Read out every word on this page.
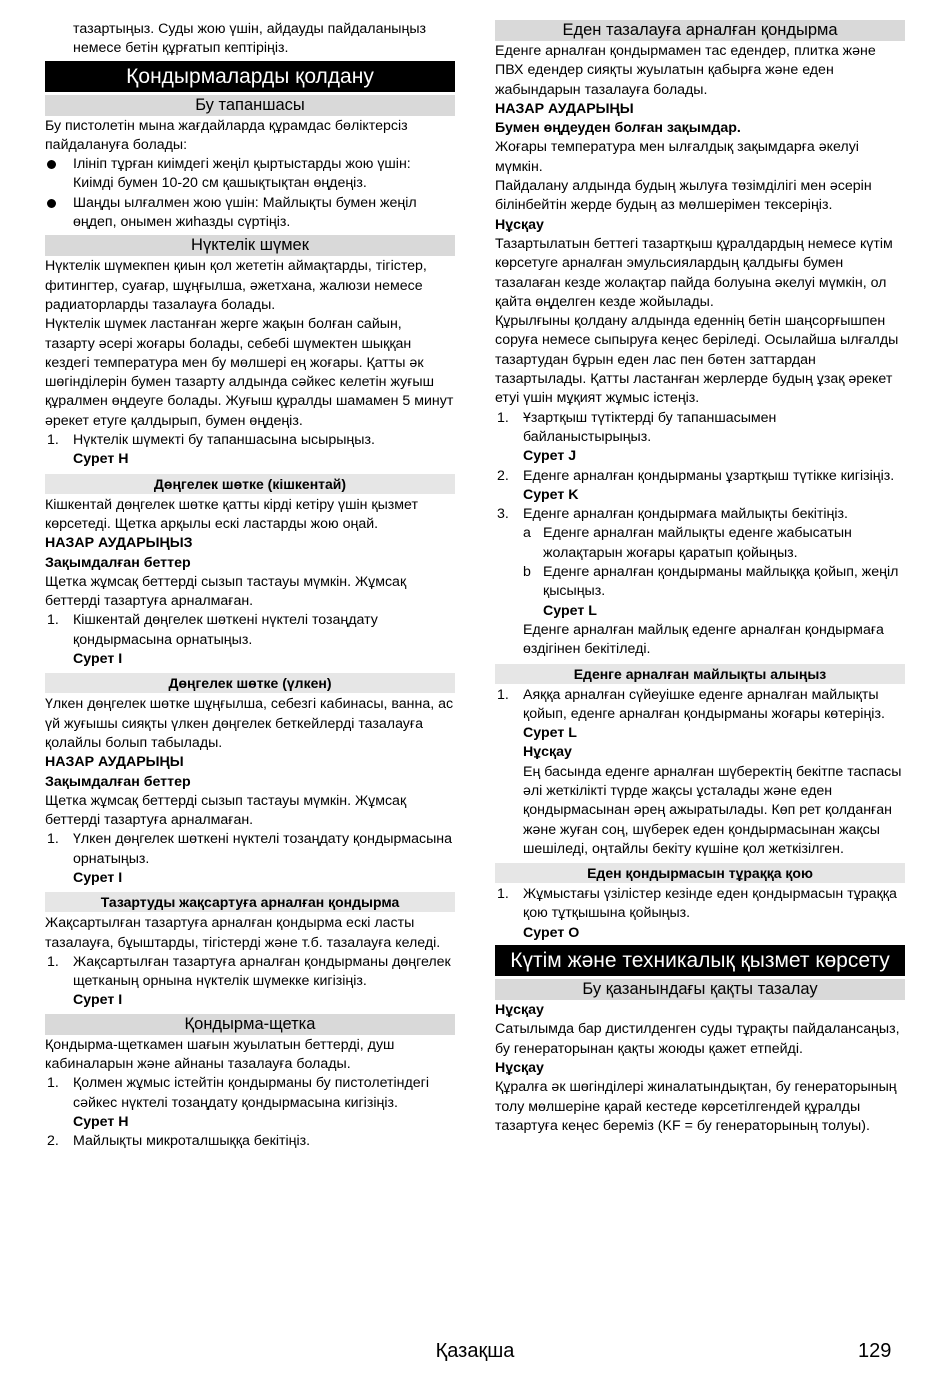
тазартыңыз. Суды жою үшін, айдауды пайдаланыңыз немесе бетін құрғатып кептіріңіз.

Қондырмаларды қолдану
Бу тапаншасы

Бу пистолетін мына жағдайларда құрамдас бөліктерсіз пайдалануға болады:

Ілініп тұрған киімдегі жеңіл қыртыстарды жою үшін: Киімді бумен 10-20 см қашықтықтан өңдеңіз.
Шаңды ылғалмен жою үшін: Майлықты бумен жеңіл өңдеп, онымен жиһазды сүртіңіз.
Нүктелік шүмек

Нүктелік шүмекпен қиын қол жететін аймақтарды, тігістер, фитингтер, суағар, шұңғылша, әжетхана, жалюзи немесе радиаторларды тазалауға болады.

Нүктелік шүмек ластанған жерге жақын болған сайын, тазарту әсері жоғары болады, себебі шүмектен шыққан кездегі температура мен бу мөлшері ең жоғары. Қатты әк шөгінділерін бумен тазарту алдында сәйкес келетін жуғыш құралмен өңдеуге болады. Жуғыш құралды шамамен 5 минут әрекет етуге қалдырып, бумен өңдеңіз.

1. Нүктелік шүмекті бу тапаншасына ысырыңыз.

Сурет H

Дөңгелек шөтке (кішкентай)

Кішкентай дөңгелек шөтке қатты кірді кетіру үшін қызмет көрсетеді. Щетка арқылы ескі ластарды жою оңай.

НАЗАР АУДАРЫҢЫЗ

Зақымдалған беттер

Щетка жұмсақ беттерді сызып тастауы мүмкін. Жұмсақ беттерді тазартуға арналмаған.

1. Кішкентай дөңгелек шөткені нүктелі тозаңдату қондырмасына орнатыңыз.

Сурет I

Дөңгелек шөтке (үлкен)

Үлкен дөңгелек шөтке шұңғылша, себезгі кабинасы, ванна, ас үй жуғышы сияқты үлкен дөңгелек беткейлерді тазалауға қолайлы болып табылады.

НАЗАР АУДАРЫҢЫ

Зақымдалған беттер

Щетка жұмсақ беттерді сызып тастауы мүмкін. Жұмсақ беттерді тазартуға арналмаған.

1. Үлкен дөңгелек шөткені нүктелі тозаңдату қондырмасына орнатыңыз.

Сурет I

Тазартуды жақсартуға арналған қондырма

Жақсартылған тазартуға арналған қондырма ескі ласты тазалауға, бұыштарды, тігістерді және т.б. тазалауға келеді.

1. Жақсартылған тазартуға арналған қондырманы дөңгелек щетканың орнына нүктелік шүмекке кигізіңіз.

Сурет I

Қондырма-щетка

Қондырма-щеткамен шағын жуылатын беттерді, душ кабиналарын және айнаны тазалауға болады.

1. Қолмен жұмыс істейтін қондырманы бу пистолетіндегі сәйкес нүктелі тозаңдату қондырмасына кигізіңіз.

Сурет H

2. Майлықты микроталшыққа бекітіңіз.
Еден тазалауға арналған қондырма

Еденге арналған қондырмамен тас едендер, плитка және ПВХ едендер сияқты жуылатын қабырға және еден жабындарын тазалауға болады.

НАЗАР АУДАРЫҢЫ

Бумен өңдеуден болған зақымдар.

Жоғары температура мен ылғалдық зақымдарға әкелуі мүмкін.

Пайдалану алдында будың жылуға төзімділігі мен әсерін білінбейтін жерде будың аз мөлшерімен тексеріңіз.

Нұсқау

Тазартылатын беттегі тазартқыш құралдардың немесе күтім көрсетуге арналған эмульсиялардың қалдығы бумен тазалаған кезде жолақтар пайда болуына әкелуі мүмкін, ол қайта өңделген кезде жойылады.

Құрылғыны қолдану алдында еденнің бетін шаңсорғышпен соруға немесе сыпыруға кеңес беріледі. Осылайша ылғалды тазартудан бұрын еден лас пен бөтен заттардан тазартылады. Қатты ластанған жерлерде будың ұзақ әрекет етуі үшін мұқият жұмыс істеңіз.

1. Ұзартқыш түтіктерді бу тапаншасымен байланыстырыңыз.

Сурет J

2. Еденге арналған қондырманы ұзартқыш түтікке кигізіңіз.

Сурет K

3. Еденге арналған қондырмаға майлықты бекітіңіз.
a Еденге арналған майлықты еденге жабысатын жолақтарын жоғары қаратып қойыңыз.
b Еденге арналған қондырманы майлыққа қойып, жеңіл қысыңыз.

Сурет L

Еденге арналған майлық еденге арналған қондырмаға өздігінен бекітіледі.

Еденге арналған майлықты алыңыз
1. Аяққа арналған сүйеуішке еденге арналған майлықты қойып, еденге арналған қондырманы жоғары көтеріңіз.

Сурет L

Нұсқау

Ең басында еденге арналған шүберектің бекітпе таспасы әлі жеткілікті түрде жақсы ұсталады және еден қондырмасынан әрең ажыратылады. Көп рет қолданған және жуған соң, шүберек еден қондырмасынан жақсы шешіледі, оңтайлы бекіту күшіне қол жеткізілген.

Еден қондырмасын тұраққа қою
1. Жұмыстағы үзілістер кезінде еден қондырмасын тұраққа қою тұтқышына қойыңыз.

Сурет O

Күтім және техникалық қызмет көрсету
Бу қазанындағы қақты тазалау

Нұсқау

Сатылымда бар дистилденген суды тұрақты пайдалансаңыз, бу генераторынан қақты жоюды қажет етпейді.

Нұсқау

Құралға әк шөгінділері жиналатындықтан, бу генераторының толу мөлшеріне қарай кестеде көрсетілгендей құралды тазартуға кеңес береміз (KF = бу генераторының толуы).

Қазақша	129
